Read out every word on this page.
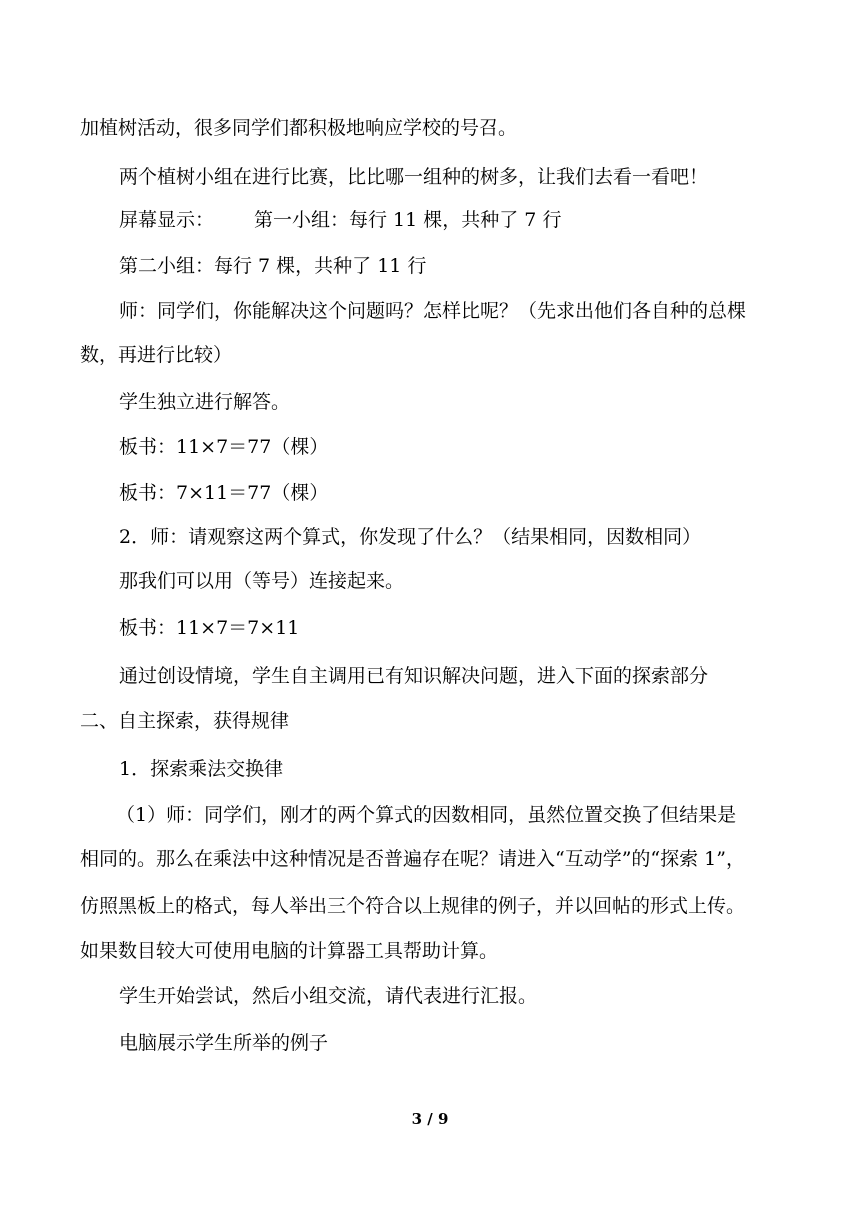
加植树活动，很多同学们都积极地响应学校的号召。
两个植树小组在进行比赛，比比哪一组种的树多，让我们去看一看吧！
屏幕显示： 第一小组：每行 11 棵，共种了 7 行
第二小组：每行 7 棵，共种了 11 行
师：同学们，你能解决这个问题吗？怎样比呢？（先求出他们各自种的总棵
数，再进行比较）
学生独立进行解答。
板书：11×7＝77（棵）
板书：7×11＝77（棵）
2．师：请观察这两个算式，你发现了什么？（结果相同，因数相同）
那我们可以用（等号）连接起来。
板书：11×7＝7×11
通过创设情境，学生自主调用已有知识解决问题，进入下面的探索部分
二、自主探索，获得规律
1．探索乘法交换律
（1）师：同学们，刚才的两个算式的因数相同，虽然位置交换了但结果是
相同的。那么在乘法中这种情况是否普遍存在呢？请进入“互动学”的“探索 1”，
仿照黑板上的格式，每人举出三个符合以上规律的例子，并以回帖的形式上传。
如果数目较大可使用电脑的计算器工具帮助计算。
学生开始尝试，然后小组交流，请代表进行汇报。
电脑展示学生所举的例子
3 / 9
